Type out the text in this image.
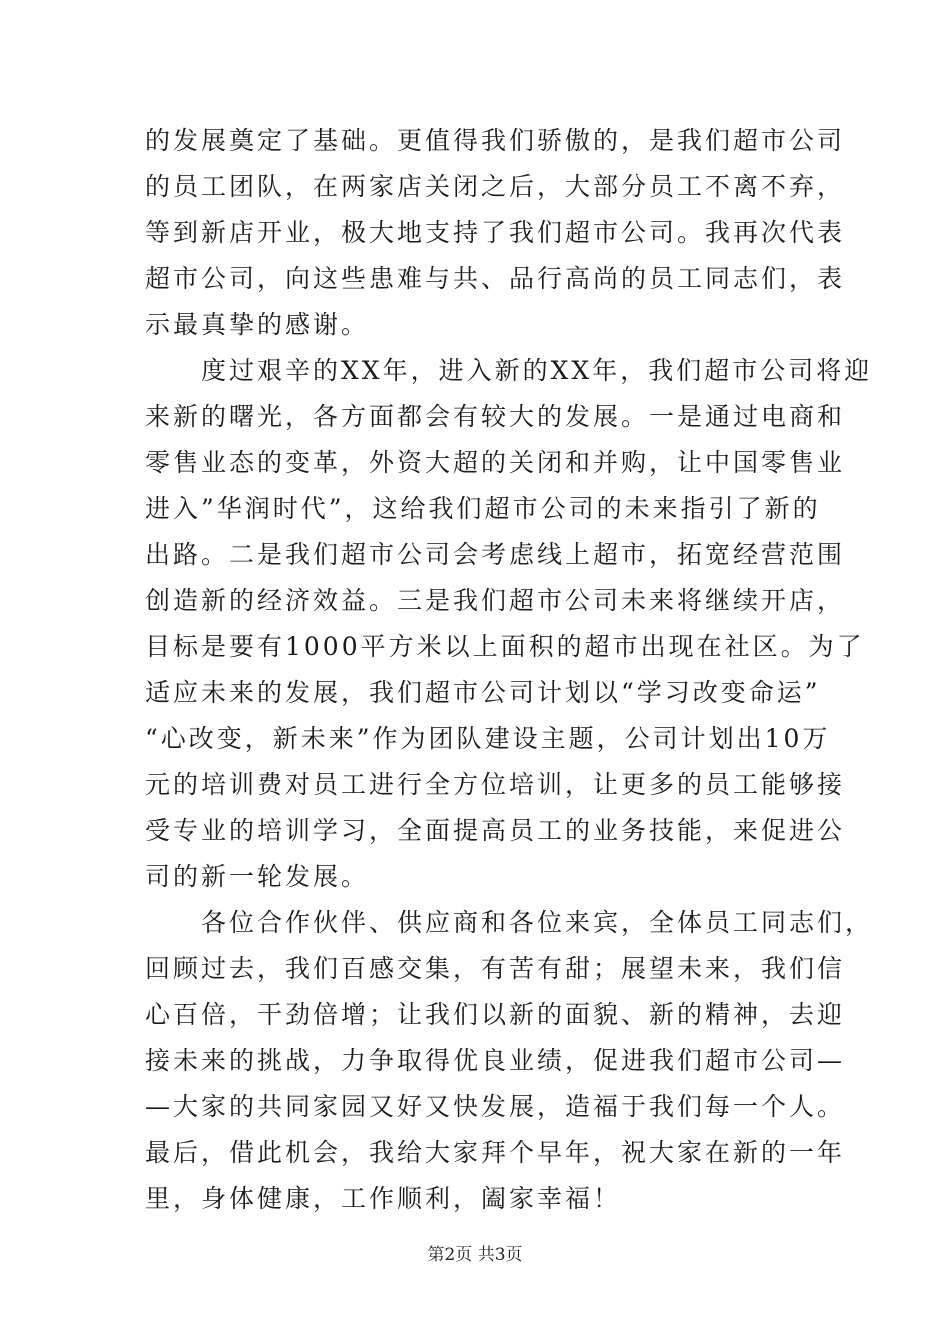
的发展奠定了基础。更值得我们骄傲的，是我们超市公司
的员工团队，在两家店关闭之后，大部分员工不离不弃，
等到新店开业，极大地支持了我们超市公司。我再次代表
超市公司，向这些患难与共、品行高尚的员工同志们，表
示最真挚的感谢。
　　度过艰辛的XX年，进入新的XX年，我们超市公司将迎
来新的曙光，各方面都会有较大的发展。一是通过电商和
零售业态的变革，外资大超的关闭和并购，让中国零售业
进入”华润时代”，这给我们超市公司的未来指引了新的
出路。二是我们超市公司会考虑线上超市，拓宽经营范围
创造新的经济效益。三是我们超市公司未来将继续开店，
目标是要有1000平方米以上面积的超市出现在社区。为了
适应未来的发展，我们超市公司计划以“学习改变命运”
“心改变，新未来”作为团队建设主题，公司计划出10万
元的培训费对员工进行全方位培训，让更多的员工能够接
受专业的培训学习，全面提高员工的业务技能，来促进公
司的新一轮发展。
　　各位合作伙伴、供应商和各位来宾，全体员工同志们，
回顾过去，我们百感交集，有苦有甜；展望未来，我们信
心百倍，干劲倍增；让我们以新的面貌、新的精神，去迎
接未来的挑战，力争取得优良业绩，促进我们超市公司—
—大家的共同家园又好又快发展，造福于我们每一个人。
最后，借此机会，我给大家拜个早年，祝大家在新的一年
里，身体健康，工作顺利，阖家幸福！
第2页 共3页
